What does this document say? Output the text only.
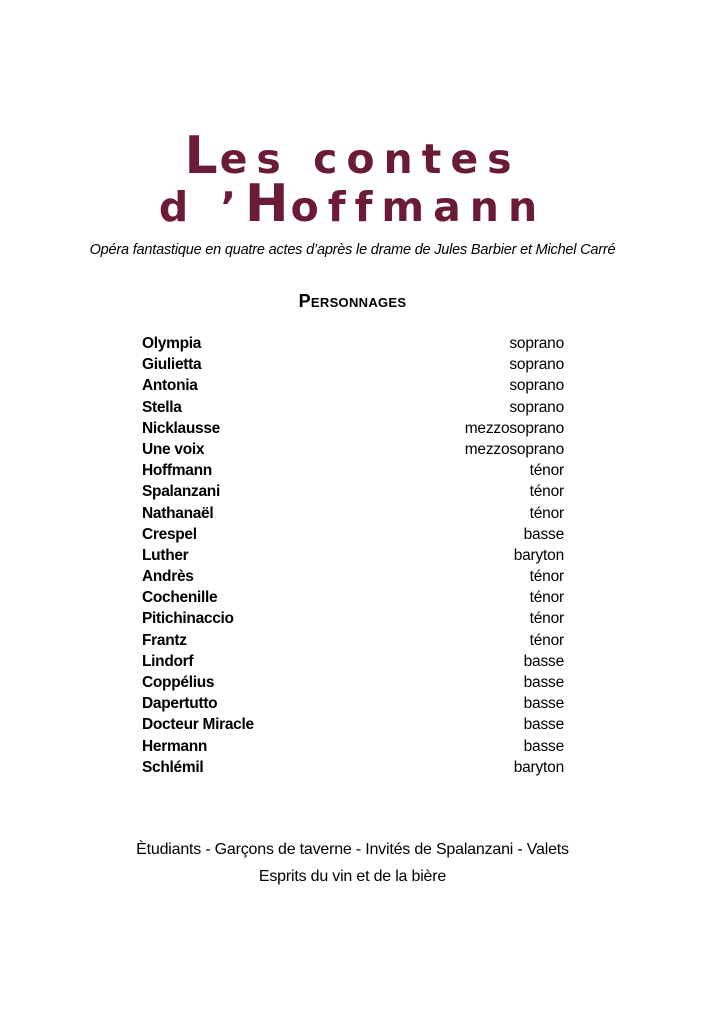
Les contes
d ’Hoffmann

Opéra fantastique en quatre actes d’après le drame de Jules Barbier et Michel Carré

Personnages
Olympia	soprano
Giulietta	soprano
Antonia	soprano
Stella	soprano
Nicklausse	mezzosoprano
Une voix	mezzosoprano
Hoffmann	ténor
Spalanzani	ténor
Nathanaël	ténor
Crespel	basse
Luther	baryton
Andrès	ténor
Cochenille	ténor
Pitichinaccio	ténor
Frantz	ténor
Lindorf	basse
Coppélius	basse
Dapertutto	basse
Docteur Miracle	basse
Hermann	basse
Schlémil	baryton

Ètudiants - Garçons de taverne - Invités de Spalanzani - Valets

Esprits du vin et de la bière
